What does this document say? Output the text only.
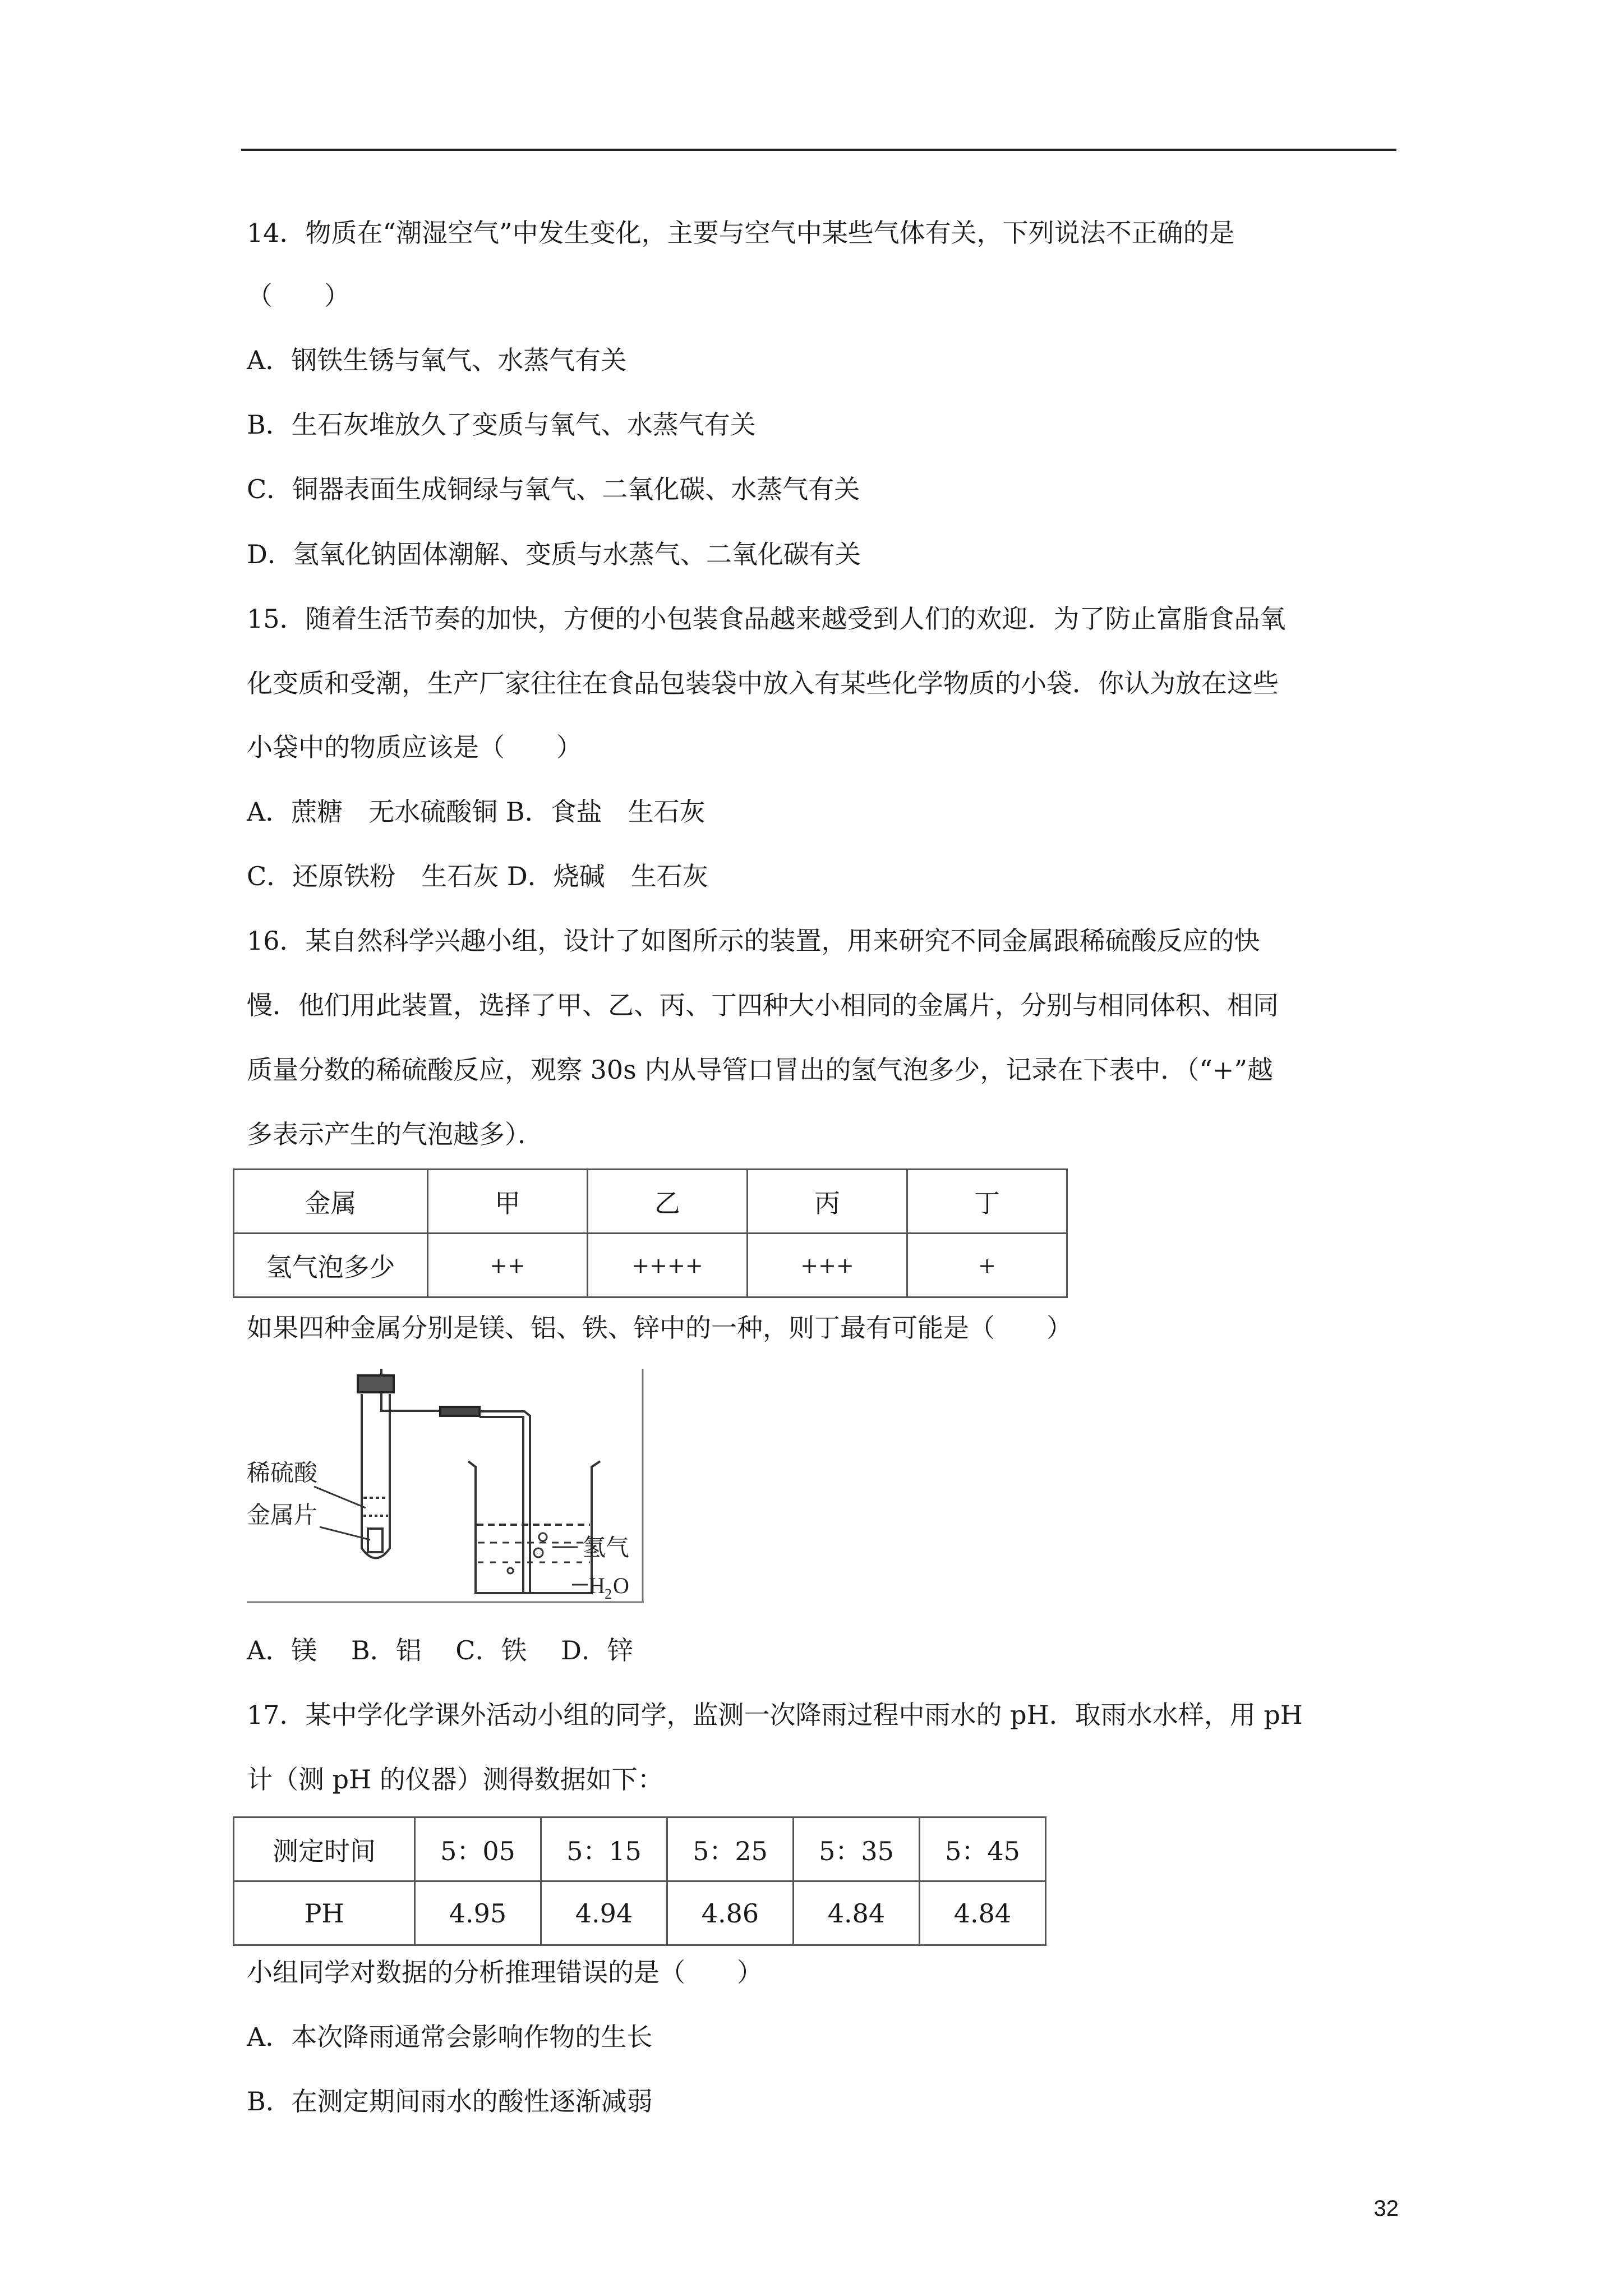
14．物质在“潮湿空气”中发生变化，主要与空气中某些气体有关，下列说法不正确的是
（　　）
A．钢铁生锈与氧气、水蒸气有关
B．生石灰堆放久了变质与氧气、水蒸气有关
C．铜器表面生成铜绿与氧气、二氧化碳、水蒸气有关
D．氢氧化钠固体潮解、变质与水蒸气、二氧化碳有关
15．随着生活节奏的加快，方便的小包装食品越来越受到人们的欢迎．为了防止富脂食品氧
化变质和受潮，生产厂家往往在食品包装袋中放入有某些化学物质的小袋．你认为放在这些
小袋中的物质应该是（　　）
A．蔗糖　无水硫酸铜 B．食盐　生石灰
C．还原铁粉　生石灰 D．烧碱　生石灰
16．某自然科学兴趣小组，设计了如图所示的装置，用来研究不同金属跟稀硫酸反应的快
慢．他们用此装置，选择了甲、乙、丙、丁四种大小相同的金属片，分别与相同体积、相同
质量分数的稀硫酸反应，观察 30s 内从导管口冒出的氢气泡多少，记录在下表中．（“+”越
多表示产生的气泡越多）．
金属	甲	乙	丙	丁
氢气泡多少	++	++++	+++	+
如果四种金属分别是镁、铝、铁、锌中的一种，则丁最有可能是（　　）
稀硫酸
金属片
氢气
H 2 O
A．镁　 B．铝　 C．铁　 D．锌
17．某中学化学课外活动小组的同学，监测一次降雨过程中雨水的 pH．取雨水水样，用 pH
计（测 pH 的仪器）测得数据如下：
测定时间	5：05	5：15	5：25	5：35	5：45
PH	4.95	4.94	4.86	4.84	4.84
小组同学对数据的分析推理错误的是（　　）
A．本次降雨通常会影响作物的生长
B．在测定期间雨水的酸性逐渐减弱
32
